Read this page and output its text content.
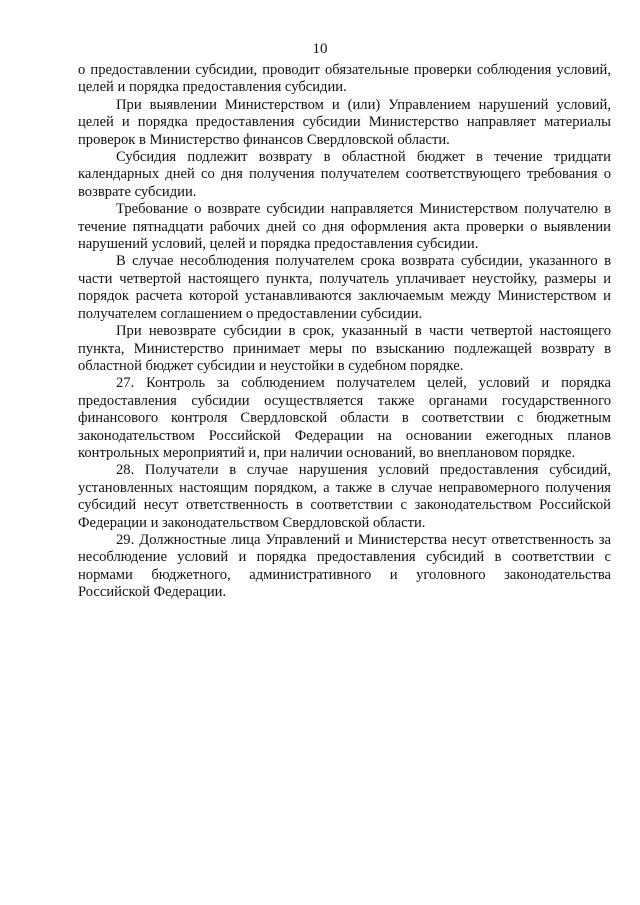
10

о предоставлении субсидии, проводит обязательные проверки соблюдения условий, целей и порядка предоставления субсидии.

При выявлении Министерством и (или) Управлением нарушений условий, целей и порядка предоставления субсидии Министерство направляет материалы проверок в Министерство финансов Свердловской области.

Субсидия подлежит возврату в областной бюджет в течение тридцати календарных дней со дня получения получателем соответствующего требования о возврате субсидии.

Требование о возврате субсидии направляется Министерством получателю в течение пятнадцати рабочих дней со дня оформления акта проверки о выявлении нарушений условий, целей и порядка предоставления субсидии.

В случае несоблюдения получателем срока возврата субсидии, указанного в части четвертой настоящего пункта, получатель уплачивает неустойку, размеры и порядок расчета которой устанавливаются заключаемым между Министерством и получателем соглашением о предоставлении субсидии.

При невозврате субсидии в срок, указанный в части четвертой настоящего пункта, Министерство принимает меры по взысканию подлежащей возврату в областной бюджет субсидии и неустойки в судебном порядке.

27. Контроль за соблюдением получателем целей, условий и порядка предоставления субсидии осуществляется также органами государственного финансового контроля Свердловской области в соответствии с бюджетным законодательством Российской Федерации на основании ежегодных планов контрольных мероприятий и, при наличии оснований, во внеплановом порядке.

28. Получатели в случае нарушения условий предоставления субсидий, установленных настоящим порядком, а также в случае неправомерного получения субсидий несут ответственность в соответствии с законодательством Российской Федерации и законодательством Свердловской области.

29. Должностные лица Управлений и Министерства несут ответственность за несоблюдение условий и порядка предоставления субсидий в соответствии с нормами бюджетного, административного и уголовного законодательства Российской Федерации.
